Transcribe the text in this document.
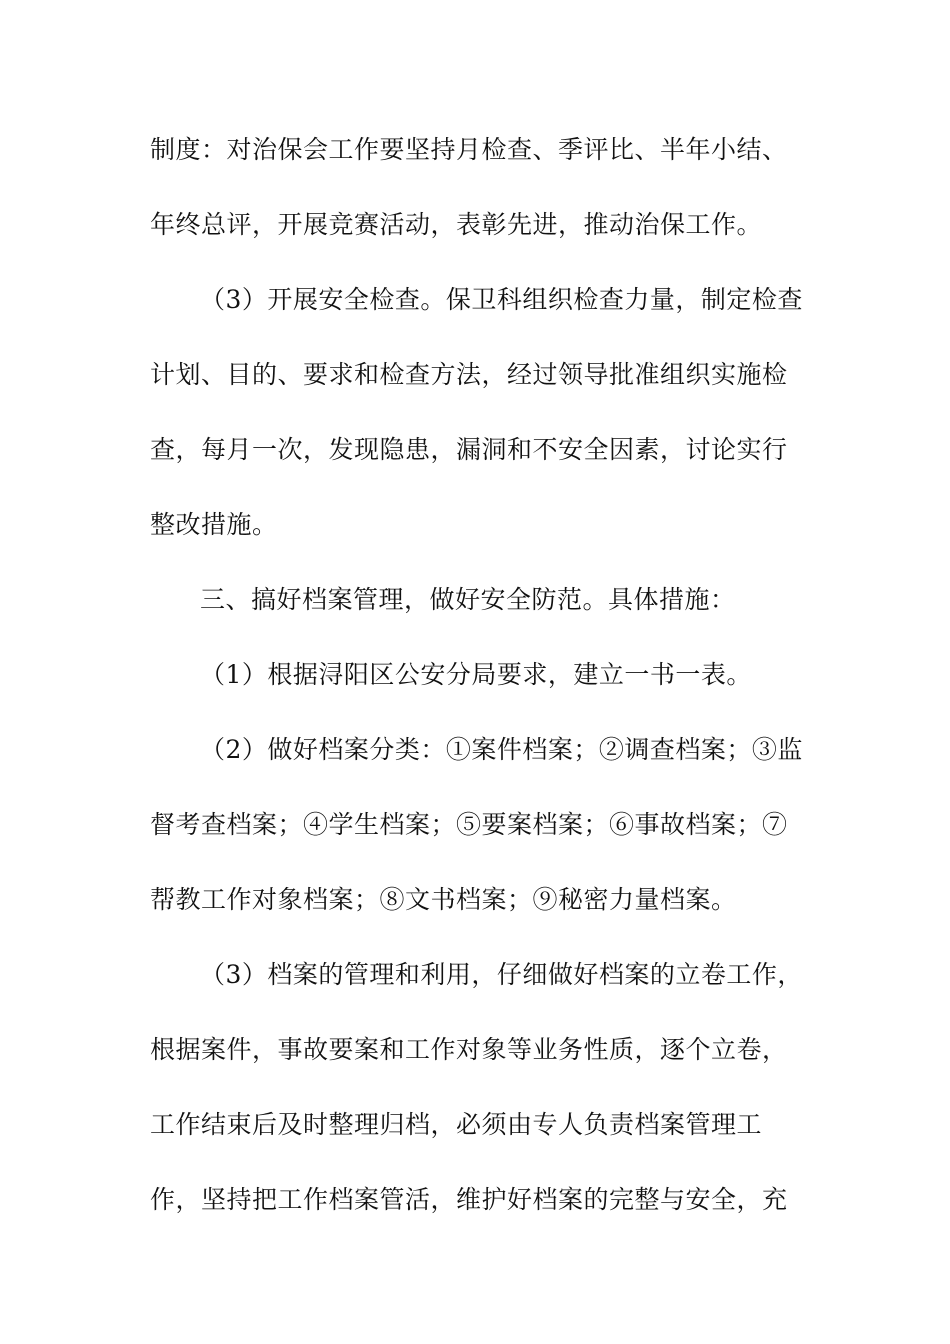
制度：对治保会工作要坚持月检查、季评比、半年小结、
年终总评，开展竞赛活动，表彰先进，推动治保工作。
（3）开展安全检查。保卫科组织检查力量，制定检查
计划、目的、要求和检查方法，经过领导批准组织实施检
查，每月一次，发现隐患，漏洞和不安全因素，讨论实行
整改措施。
三、搞好档案管理，做好安全防范。具体措施：
（1）根据浔阳区公安分局要求，建立一书一表。
（2）做好档案分类：①案件档案；②调查档案；③监
督考查档案；④学生档案；⑤要案档案；⑥事故档案；⑦
帮教工作对象档案；⑧文书档案；⑨秘密力量档案。
（3）档案的管理和利用，仔细做好档案的立卷工作，
根据案件，事故要案和工作对象等业务性质，逐个立卷，
工作结束后及时整理归档，必须由专人负责档案管理工
作，坚持把工作档案管活，维护好档案的完整与安全，充
